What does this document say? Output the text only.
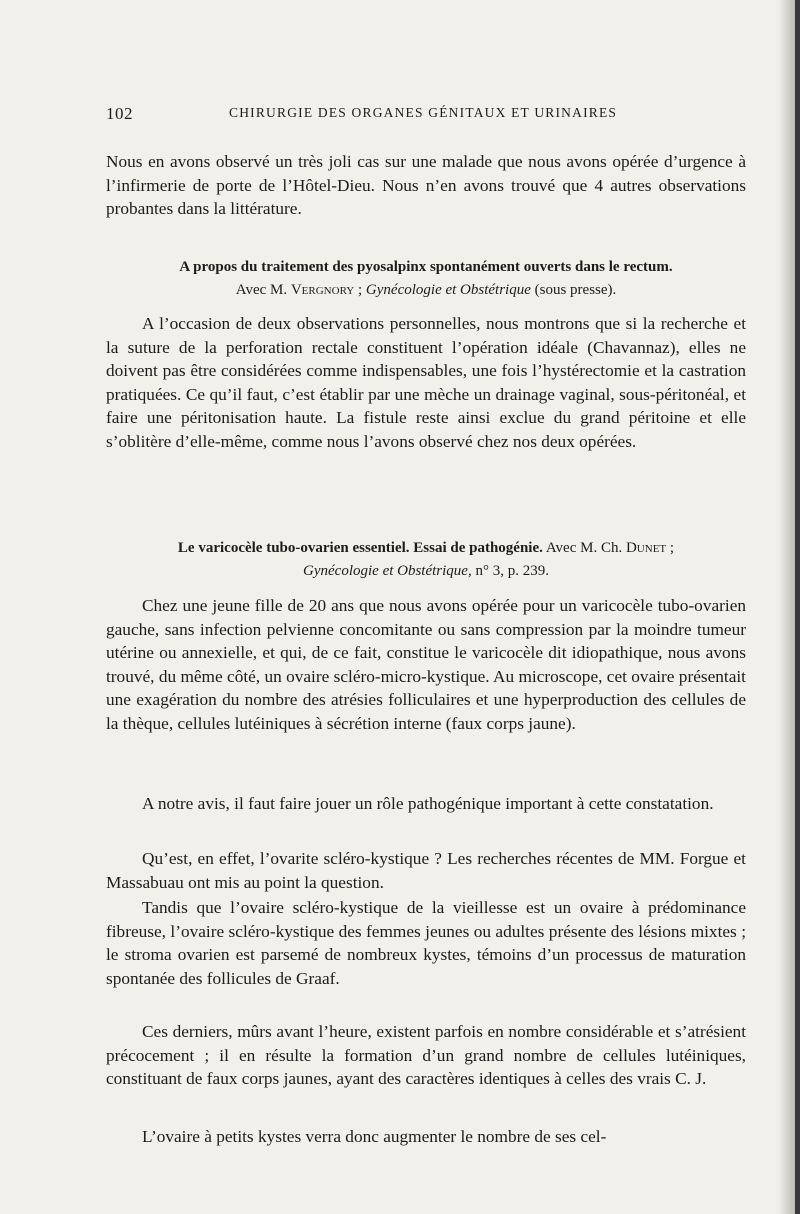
102	CHIRURGIE DES ORGANES GÉNITAUX ET URINAIRES

Nous en avons observé un très joli cas sur une malade que nous avons opérée d’urgence à l’infirmerie de porte de l’Hôtel-Dieu. Nous n’en avons trouvé que 4 autres observations probantes dans la littérature.

A propos du traitement des pyosalpinx spontanément ouverts dans le rectum.
Avec M. Vergnory ; Gynécologie et Obstétrique (sous presse).

A l’occasion de deux observations personnelles, nous montrons que si la recherche et la suture de la perforation rectale constituent l’opération idéale (Chavannaz), elles ne doivent pas être considérées comme indispensables, une fois l’hystérectomie et la castration pratiquées. Ce qu’il faut, c’est établir par une mèche un drainage vaginal, sous-péritonéal, et faire une péritonisation haute. La fistule reste ainsi exclue du grand péritoine et elle s’oblitère d’elle-même, comme nous l’avons observé chez nos deux opérées.

Le varicocèle tubo-ovarien essentiel. Essai de pathogénie. Avec M. Ch. Dunet ;
Gynécologie et Obstétrique, n° 3, p. 239.

Chez une jeune fille de 20 ans que nous avons opérée pour un varicocèle tubo-ovarien gauche, sans infection pelvienne concomitante ou sans compression par la moindre tumeur utérine ou annexielle, et qui, de ce fait, constitue le varicocèle dit idiopathique, nous avons trouvé, du même côté, un ovaire scléro-micro-kystique. Au microscope, cet ovaire présentait une exagération du nombre des atrésies folliculaires et une hyperproduction des cellules de la thèque, cellules lutéiniques à sécrétion interne (faux corps jaune).

A notre avis, il faut faire jouer un rôle pathogénique important à cette constatation.

Qu’est, en effet, l’ovarite scléro-kystique ? Les recherches récentes de MM. Forgue et Massabuau ont mis au point la question.

Tandis que l’ovaire scléro-kystique de la vieillesse est un ovaire à prédominance fibreuse, l’ovaire scléro-kystique des femmes jeunes ou adultes présente des lésions mixtes ; le stroma ovarien est parsemé de nombreux kystes, témoins d’un processus de maturation spontanée des follicules de Graaf.

Ces derniers, mûrs avant l’heure, existent parfois en nombre considérable et s’atrésient précocement ; il en résulte la formation d’un grand nombre de cellules lutéiniques, constituant de faux corps jaunes, ayant des caractères identiques à celles des vrais C. J.

L’ovaire à petits kystes verra donc augmenter le nombre de ses cel-
